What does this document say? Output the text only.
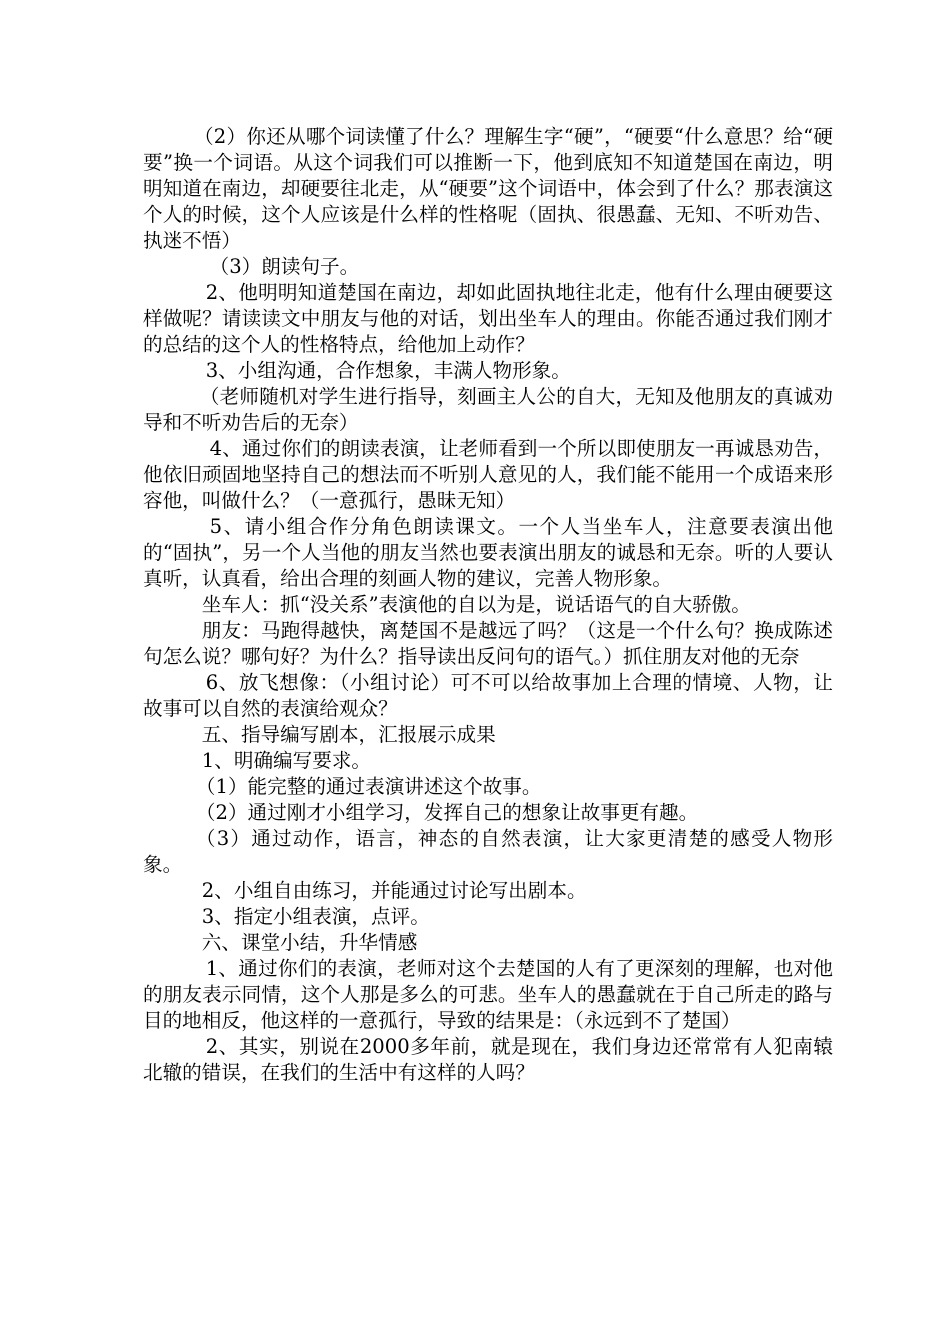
（2）你还从哪个词读懂了什么？理解生字“硬”，“硬要“什么意思？给“硬要”换一个词语。从这个词我们可以推断一下，他到底知不知道楚国在南边，明明知道在南边，却硬要往北走，从“硬要”这个词语中，体会到了什么？那表演这个人的时候，这个人应该是什么样的性格呢（固执、很愚蠢、无知、不听劝告、执迷不悟）

（3）朗读句子。

2、他明明知道楚国在南边，却如此固执地往北走，他有什么理由硬要这样做呢？请读读文中朋友与他的对话，划出坐车人的理由。你能否通过我们刚才的总结的这个人的性格特点，给他加上动作？

3、小组沟通，合作想象，丰满人物形象。

（老师随机对学生进行指导，刻画主人公的自大，无知及他朋友的真诚劝导和不听劝告后的无奈）

4、通过你们的朗读表演，让老师看到一个所以即使朋友一再诚恳劝告，他依旧顽固地坚持自己的想法而不听别人意见的人，我们能不能用一个成语来形容他，叫做什么？（一意孤行，愚昧无知）

5、请小组合作分角色朗读课文。一个人当坐车人，注意要表演出他的“固执”，另一个人当他的朋友当然也要表演出朋友的诚恳和无奈。听的人要认真听，认真看，给出合理的刻画人物的建议，完善人物形象。

坐车人：抓“没关系”表演他的自以为是，说话语气的自大骄傲。

朋友：马跑得越快，离楚国不是越远了吗？（这是一个什么句？换成陈述句怎么说？哪句好？为什么？指导读出反问句的语气。）抓住朋友对他的无奈

6、放飞想像：（小组讨论）可不可以给故事加上合理的情境、人物，让故事可以自然的表演给观众？

五、指导编写剧本，汇报展示成果

1、明确编写要求。

（1）能完整的通过表演讲述这个故事。

（2）通过刚才小组学习，发挥自己的想象让故事更有趣。

（3）通过动作，语言，神态的自然表演，让大家更清楚的感受人物形象。

2、小组自由练习，并能通过讨论写出剧本。

3、指定小组表演，点评。

六、课堂小结，升华情感

1、通过你们的表演，老师对这个去楚国的人有了更深刻的理解，也对他的朋友表示同情，这个人那是多么的可悲。坐车人的愚蠢就在于自己所走的路与目的地相反，他这样的一意孤行，导致的结果是：（永远到不了楚国）

2、其实，别说在2000多年前，就是现在，我们身边还常常有人犯南辕北辙的错误，在我们的生活中有这样的人吗？
